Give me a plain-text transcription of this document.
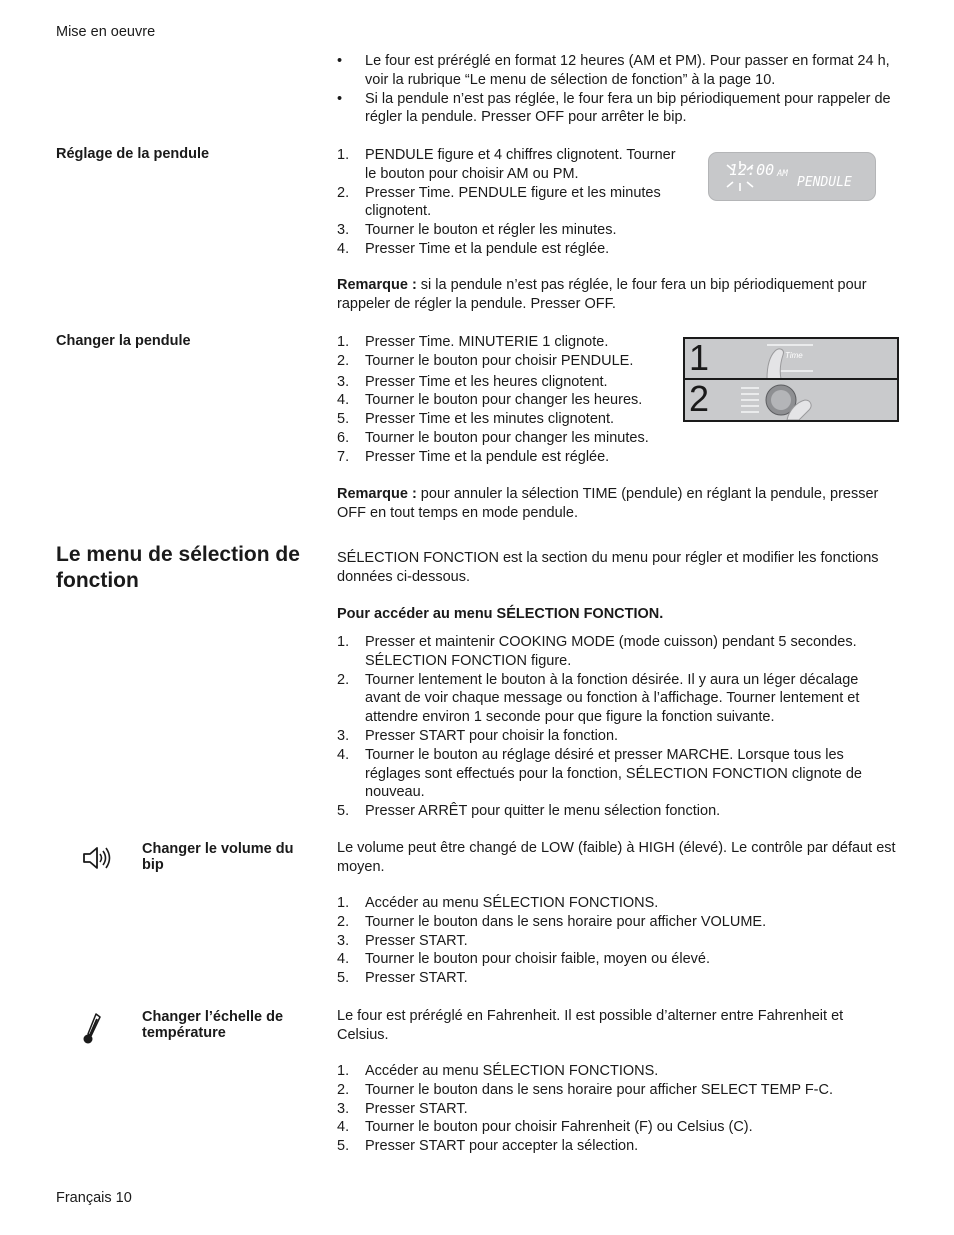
Mise en oeuvre
• Le four est préréglé en format 12 heures (AM et PM). Pour passer en format 24 h, voir la rubrique “Le menu de sélection de fonction” à la page 10.
• Si la pendule n’est pas réglée, le four fera un bip périodiquement pour rappeler de régler la pendule. Presser OFF pour arrêter le bip.
Réglage de la pendule	1. PENDULE figure et 4 chiffres clignotent. Tourner le bouton pour choisir AM ou PM.
2. Presser Time. PENDULE figure et les minutes clignotent.
3. Tourner le bouton et régler les minutes.
4. Presser Time et la pendule est réglée.

Remarque : si la pendule n’est pas réglée, le four fera un bip périodiquement pour rappeler de régler la pendule. Presser OFF.

12:00 AM
PENDULE
Changer la pendule	1. Presser Time. MINUTERIE 1 clignote.
2. Tourner le bouton pour choisir PENDULE.
3. Presser Time et les heures clignotent.
4. Tourner le bouton pour changer les heures.
5. Presser Time et les minutes clignotent.
6. Tourner le bouton pour changer les minutes.
7. Presser Time et la pendule est réglée.

Remarque : pour annuler la sélection TIME (pendule) en réglant la pendule, presser OFF en tout temps en mode pendule.

1	Time
2
Le menu de sélection de fonction

SÉLECTION FONCTION est la section du menu pour régler et modifier les fonctions données ci-dessous.

Pour accéder au menu SÉLECTION FONCTION.

1. Presser et maintenir COOKING MODE (mode cuisson) pendant 5 secondes. SÉLECTION FONCTION figure.
2. Tourner lentement le bouton à la fonction désirée. Il y aura un léger décalage avant de voir chaque message ou fonction à l’affichage. Tourner lentement et attendre environ 1 seconde pour que figure la fonction suivante.
3. Presser START pour choisir la fonction.
4. Tourner le bouton au réglage désiré et presser MARCHE. Lorsque tous les réglages sont effectués pour la fonction, SÉLECTION FONCTION clignote de nouveau.
5. Presser ARRÊT pour quitter le menu sélection fonction.
Changer le volume du bip

Le volume peut être changé de LOW (faible) à HIGH (élevé). Le contrôle par défaut est moyen.

1. Accéder au menu SÉLECTION FONCTIONS.
2. Tourner le bouton dans le sens horaire pour afficher VOLUME.
3. Presser START.
4. Tourner le bouton pour choisir faible, moyen ou élevé.
5. Presser START.
Changer l’échelle de température

Le four est préréglé en Fahrenheit. Il est possible d’alterner entre Fahrenheit et Celsius.

1. Accéder au menu SÉLECTION FONCTIONS.
2. Tourner le bouton dans le sens horaire pour afficher SELECT TEMP F-C.
3. Presser START.
4. Tourner le bouton pour choisir Fahrenheit (F) ou Celsius (C).
5. Presser START pour accepter la sélection.
Français 10
